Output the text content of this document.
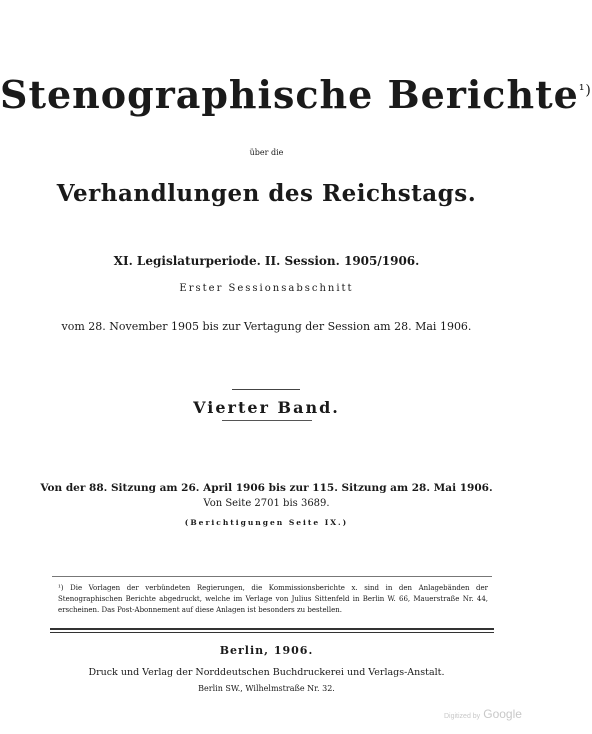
Stenographische Berichte$^{^1)}$
über die
Verhandlungen des Reichstags.
XI. Legislaturperiode. II. Session. 1905/1906.
Erster Sessionsabschnitt
vom 28. November 1905 bis zur Vertagung der Session am 28. Mai 1906.
Vierter Band.
Von der 88. Sitzung am 26. April 1906 bis zur 115. Sitzung am 28. Mai 1906.
Von Seite 2701 bis 3689.
( Berichtigungen Seite IX. )
¹) Die Vorlagen der verbündeten Regierungen, die Kommissionsberichte x. sind in den Anlagebänden der Stenographischen Berichte abgedruckt, welche im Verlage von Julius Sittenfeld in Berlin W. 66, Mauerstraße Nr. 44, erscheinen. Das Post-Abonnement auf diese Anlagen ist besonders zu bestellen.
Berlin, 1906.
Druck und Verlag der Norddeutschen Buchdruckerei und Verlags-Anstalt.
Berlin SW., Wilhelmstraße Nr. 32.
Digitized by Google
